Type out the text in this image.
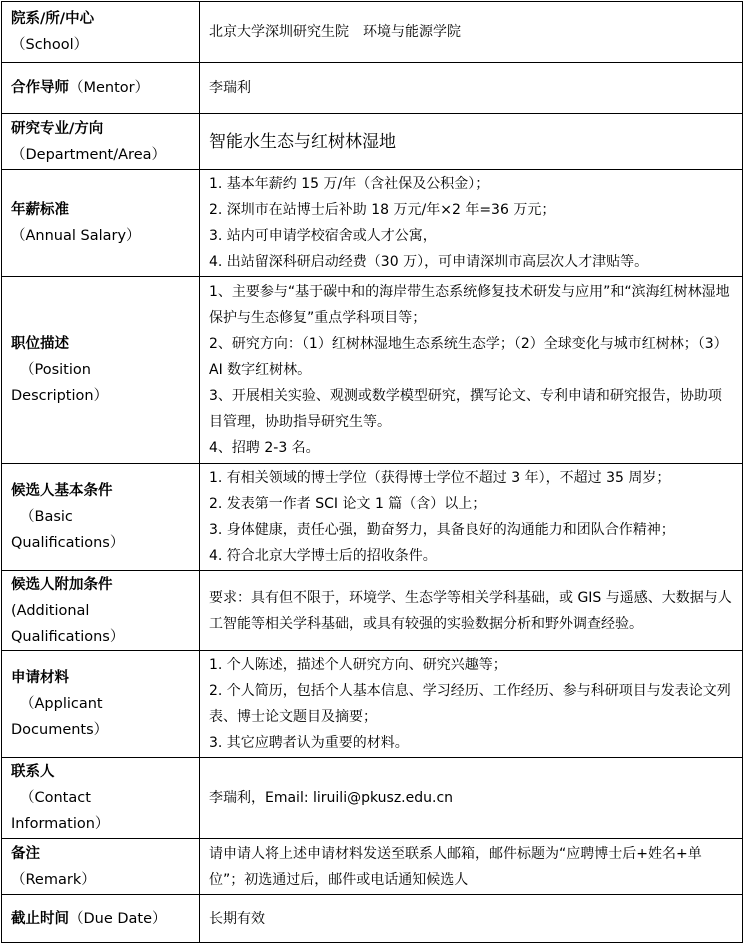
院系/所/中心
（School）	北京大学深圳研究生院　环境与能源学院

合作导师（Mentor）	李瑞利

研究专业/方向
（Department/Area）	智能水生态与红树林湿地

年薪标准
（Annual Salary）	1. 基本年薪约 15 万/年（含社保及公积金）；
2. 深圳市在站博士后补助 18 万元/年×2 年=36 万元；
3. 站内可申请学校宿舍或人才公寓，
4. 出站留深科研启动经费（30 万），可申请深圳市高层次人才津贴等。

职位描述
（Position
Description）	1、主要参与“基于碳中和的海岸带生态系统修复技术研发与应用”和“滨海红树林湿地保护与生态修复”重点学科项目等；
2、研究方向：（1）红树林湿地生态系统生态学；（2）全球变化与城市红树林；（3）AI 数字红树林。
3、开展相关实验、观测或数学模型研究，撰写论文、专利申请和研究报告，协助项目管理，协助指导研究生等。
4、招聘 2-3 名。

候选人基本条件
（Basic
Qualifications）	1. 有相关领域的博士学位（获得博士学位不超过 3 年），不超过 35 周岁；
2. 发表第一作者 SCI 论文 1 篇（含）以上；
3. 身体健康，责任心强，勤奋努力，具备良好的沟通能力和团队合作精神；
4. 符合北京大学博士后的招收条件。

候选人附加条件
(Additional
Qualifications）	要求：具有但不限于，环境学、生态学等相关学科基础，或 GIS 与遥感、大数据与人工智能等相关学科基础，或具有较强的实验数据分析和野外调查经验。

申请材料
（Applicant
Documents）	1. 个人陈述，描述个人研究方向、研究兴趣等；
2. 个人简历，包括个人基本信息、学习经历、工作经历、参与科研项目与发表论文列表、博士论文题目及摘要；
3. 其它应聘者认为重要的材料。

联系人
（Contact
Information）	李瑞利，Email: liruili@pkusz.edu.cn

备注
（Remark）	请申请人将上述申请材料发送至联系人邮箱，邮件标题为“应聘博士后+姓名+单位”；初选通过后，邮件或电话通知候选人

截止时间（Due Date）	长期有效
